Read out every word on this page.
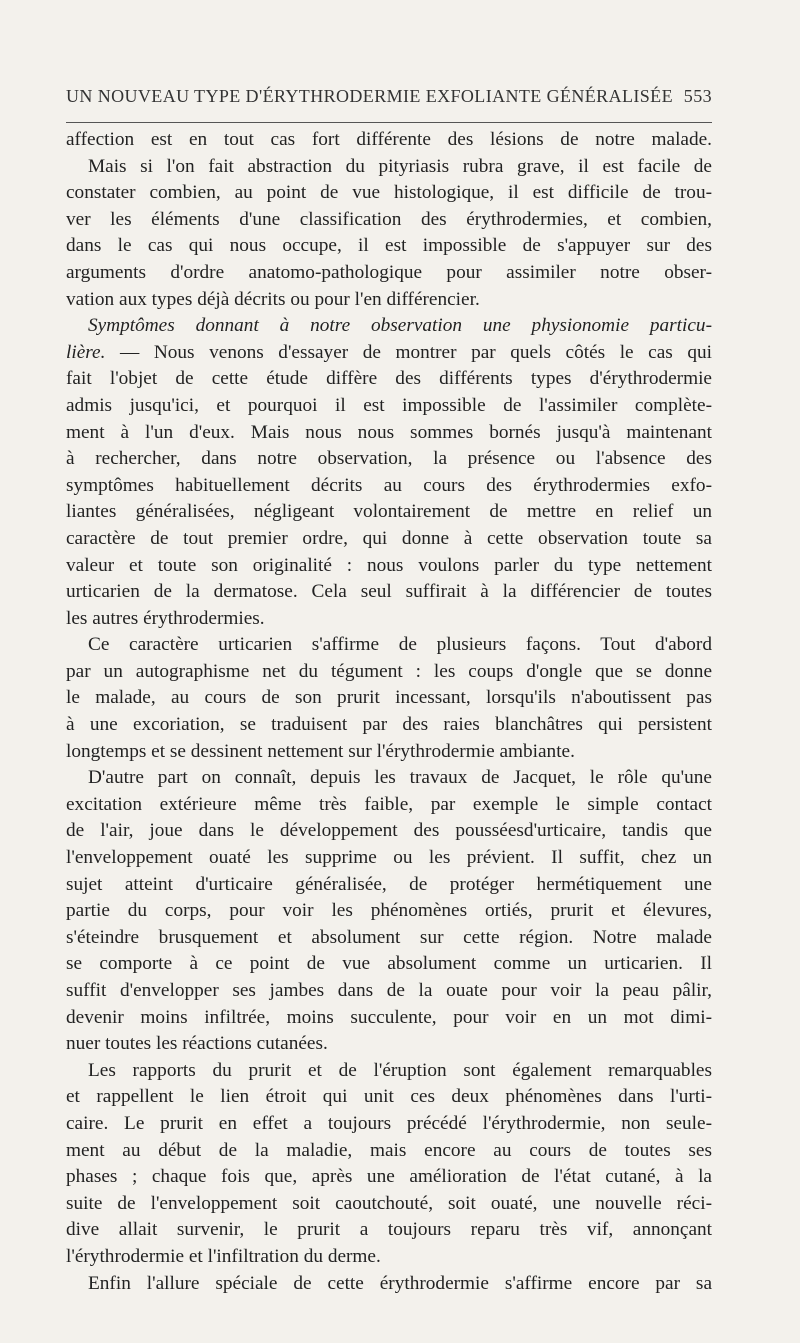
UN NOUVEAU TYPE D'ÉRYTHRODERMIE EXFOLIANTE GÉNÉRALISÉE 553
affection est en tout cas fort différente des lésions de notre malade.
Mais si l'on fait abstraction du pityriasis rubra grave, il est facile de
constater combien, au point de vue histologique, il est difficile de trou-
ver les éléments d'une classification des érythrodermies, et combien,
dans le cas qui nous occupe, il est impossible de s'appuyer sur des
arguments d'ordre anatomo-pathologique pour assimiler notre obser-
vation aux types déjà décrits ou pour l'en différencier.
Symptômes donnant à notre observation une physionomie particu-
lière. — Nous venons d'essayer de montrer par quels côtés le cas qui
fait l'objet de cette étude diffère des différents types d'érythrodermie
admis jusqu'ici, et pourquoi il est impossible de l'assimiler complète-
ment à l'un d'eux. Mais nous nous sommes bornés jusqu'à maintenant
à rechercher, dans notre observation, la présence ou l'absence des
symptômes habituellement décrits au cours des érythrodermies exfo-
liantes généralisées, négligeant volontairement de mettre en relief un
caractère de tout premier ordre, qui donne à cette observation toute sa
valeur et toute son originalité : nous voulons parler du type nettement
urticarien de la dermatose. Cela seul suffirait à la différencier de toutes
les autres érythrodermies.
Ce caractère urticarien s'affirme de plusieurs façons. Tout d'abord
par un autographisme net du tégument : les coups d'ongle que se donne
le malade, au cours de son prurit incessant, lorsqu'ils n'aboutissent pas
à une excoriation, se traduisent par des raies blanchâtres qui persistent
longtemps et se dessinent nettement sur l'érythrodermie ambiante.
D'autre part on connaît, depuis les travaux de Jacquet, le rôle qu'une
excitation extérieure même très faible, par exemple le simple contact
de l'air, joue dans le développement des pousséesd'urticaire, tandis que
l'enveloppement ouaté les supprime ou les prévient. Il suffit, chez un
sujet atteint d'urticaire généralisée, de protéger hermétiquement une
partie du corps, pour voir les phénomènes ortiés, prurit et élevures,
s'éteindre brusquement et absolument sur cette région. Notre malade
se comporte à ce point de vue absolument comme un urticarien. Il
suffit d'envelopper ses jambes dans de la ouate pour voir la peau pâlir,
devenir moins infiltrée, moins succulente, pour voir en un mot dimi-
nuer toutes les réactions cutanées.
Les rapports du prurit et de l'éruption sont également remarquables
et rappellent le lien étroit qui unit ces deux phénomènes dans l'urti-
caire. Le prurit en effet a toujours précédé l'érythrodermie, non seule-
ment au début de la maladie, mais encore au cours de toutes ses
phases ; chaque fois que, après une amélioration de l'état cutané, à la
suite de l'enveloppement soit caoutchouté, soit ouaté, une nouvelle réci-
dive allait survenir, le prurit a toujours reparu très vif, annonçant
l'érythrodermie et l'infiltration du derme.
Enfin l'allure spéciale de cette érythrodermie s'affirme encore par sa
